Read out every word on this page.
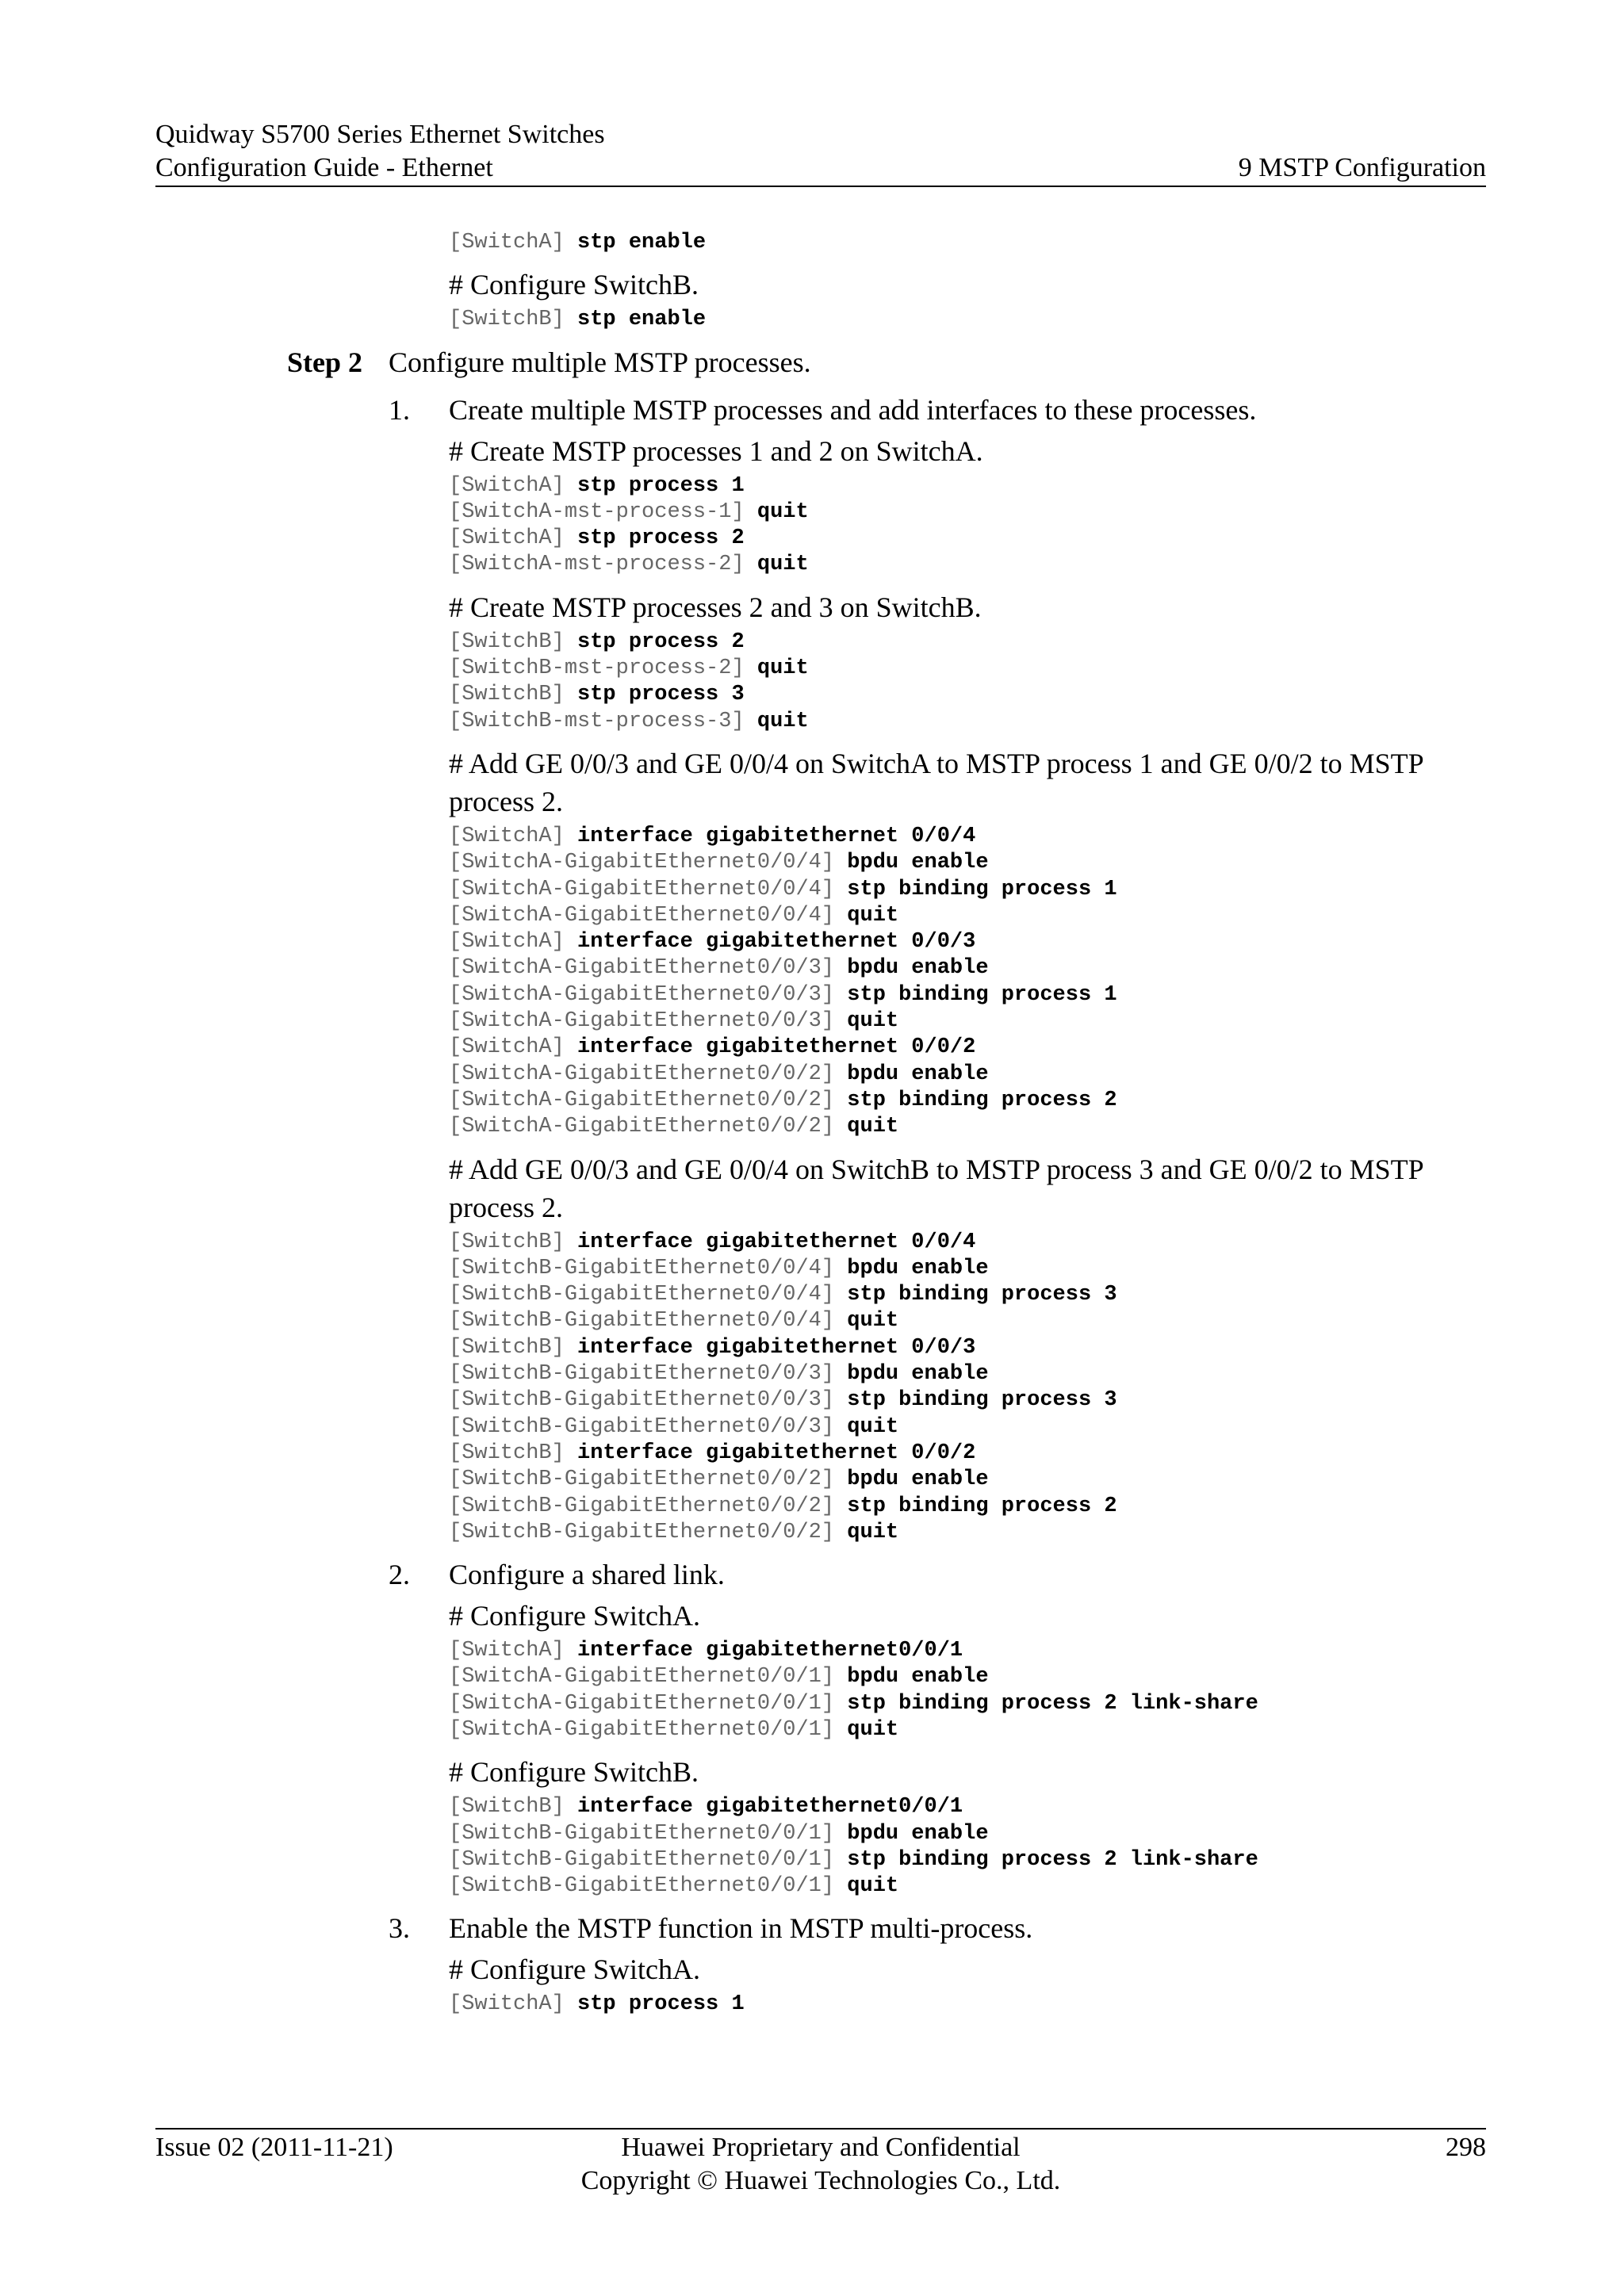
Quidway S5700 Series Ethernet Switches
Configuration Guide - Ethernet	9 MSTP Configuration
[SwitchA] stp enable
# Configure SwitchB.
[SwitchB] stp enable
Step 2 Configure multiple MSTP processes.
1. Create multiple MSTP processes and add interfaces to these processes.
# Create MSTP processes 1 and 2 on SwitchA.
[SwitchA] stp process 1
[SwitchA-mst-process-1] quit
[SwitchA] stp process 2
[SwitchA-mst-process-2] quit
# Create MSTP processes 2 and 3 on SwitchB.
[SwitchB] stp process 2
[SwitchB-mst-process-2] quit
[SwitchB] stp process 3
[SwitchB-mst-process-3] quit
# Add GE 0/0/3 and GE 0/0/4 on SwitchA to MSTP process 1 and GE 0/0/2 to MSTP process 2.
[SwitchA] interface gigabitethernet 0/0/4
[SwitchA-GigabitEthernet0/0/4] bpdu enable
[SwitchA-GigabitEthernet0/0/4] stp binding process 1
[SwitchA-GigabitEthernet0/0/4] quit
[SwitchA] interface gigabitethernet 0/0/3
[SwitchA-GigabitEthernet0/0/3] bpdu enable
[SwitchA-GigabitEthernet0/0/3] stp binding process 1
[SwitchA-GigabitEthernet0/0/3] quit
[SwitchA] interface gigabitethernet 0/0/2
[SwitchA-GigabitEthernet0/0/2] bpdu enable
[SwitchA-GigabitEthernet0/0/2] stp binding process 2
[SwitchA-GigabitEthernet0/0/2] quit
# Add GE 0/0/3 and GE 0/0/4 on SwitchB to MSTP process 3 and GE 0/0/2 to MSTP process 2.
[SwitchB] interface gigabitethernet 0/0/4
[SwitchB-GigabitEthernet0/0/4] bpdu enable
[SwitchB-GigabitEthernet0/0/4] stp binding process 3
[SwitchB-GigabitEthernet0/0/4] quit
[SwitchB] interface gigabitethernet 0/0/3
[SwitchB-GigabitEthernet0/0/3] bpdu enable
[SwitchB-GigabitEthernet0/0/3] stp binding process 3
[SwitchB-GigabitEthernet0/0/3] quit
[SwitchB] interface gigabitethernet 0/0/2
[SwitchB-GigabitEthernet0/0/2] bpdu enable
[SwitchB-GigabitEthernet0/0/2] stp binding process 2
[SwitchB-GigabitEthernet0/0/2] quit
2. Configure a shared link.
# Configure SwitchA.
[SwitchA] interface gigabitethernet0/0/1
[SwitchA-GigabitEthernet0/0/1] bpdu enable
[SwitchA-GigabitEthernet0/0/1] stp binding process 2 link-share
[SwitchA-GigabitEthernet0/0/1] quit
# Configure SwitchB.
[SwitchB] interface gigabitethernet0/0/1
[SwitchB-GigabitEthernet0/0/1] bpdu enable
[SwitchB-GigabitEthernet0/0/1] stp binding process 2 link-share
[SwitchB-GigabitEthernet0/0/1] quit
3. Enable the MSTP function in MSTP multi-process.
# Configure SwitchA.
[SwitchA] stp process 1
Issue 02 (2011-11-21)	Huawei Proprietary and Confidential
Copyright © Huawei Technologies Co., Ltd.
298
